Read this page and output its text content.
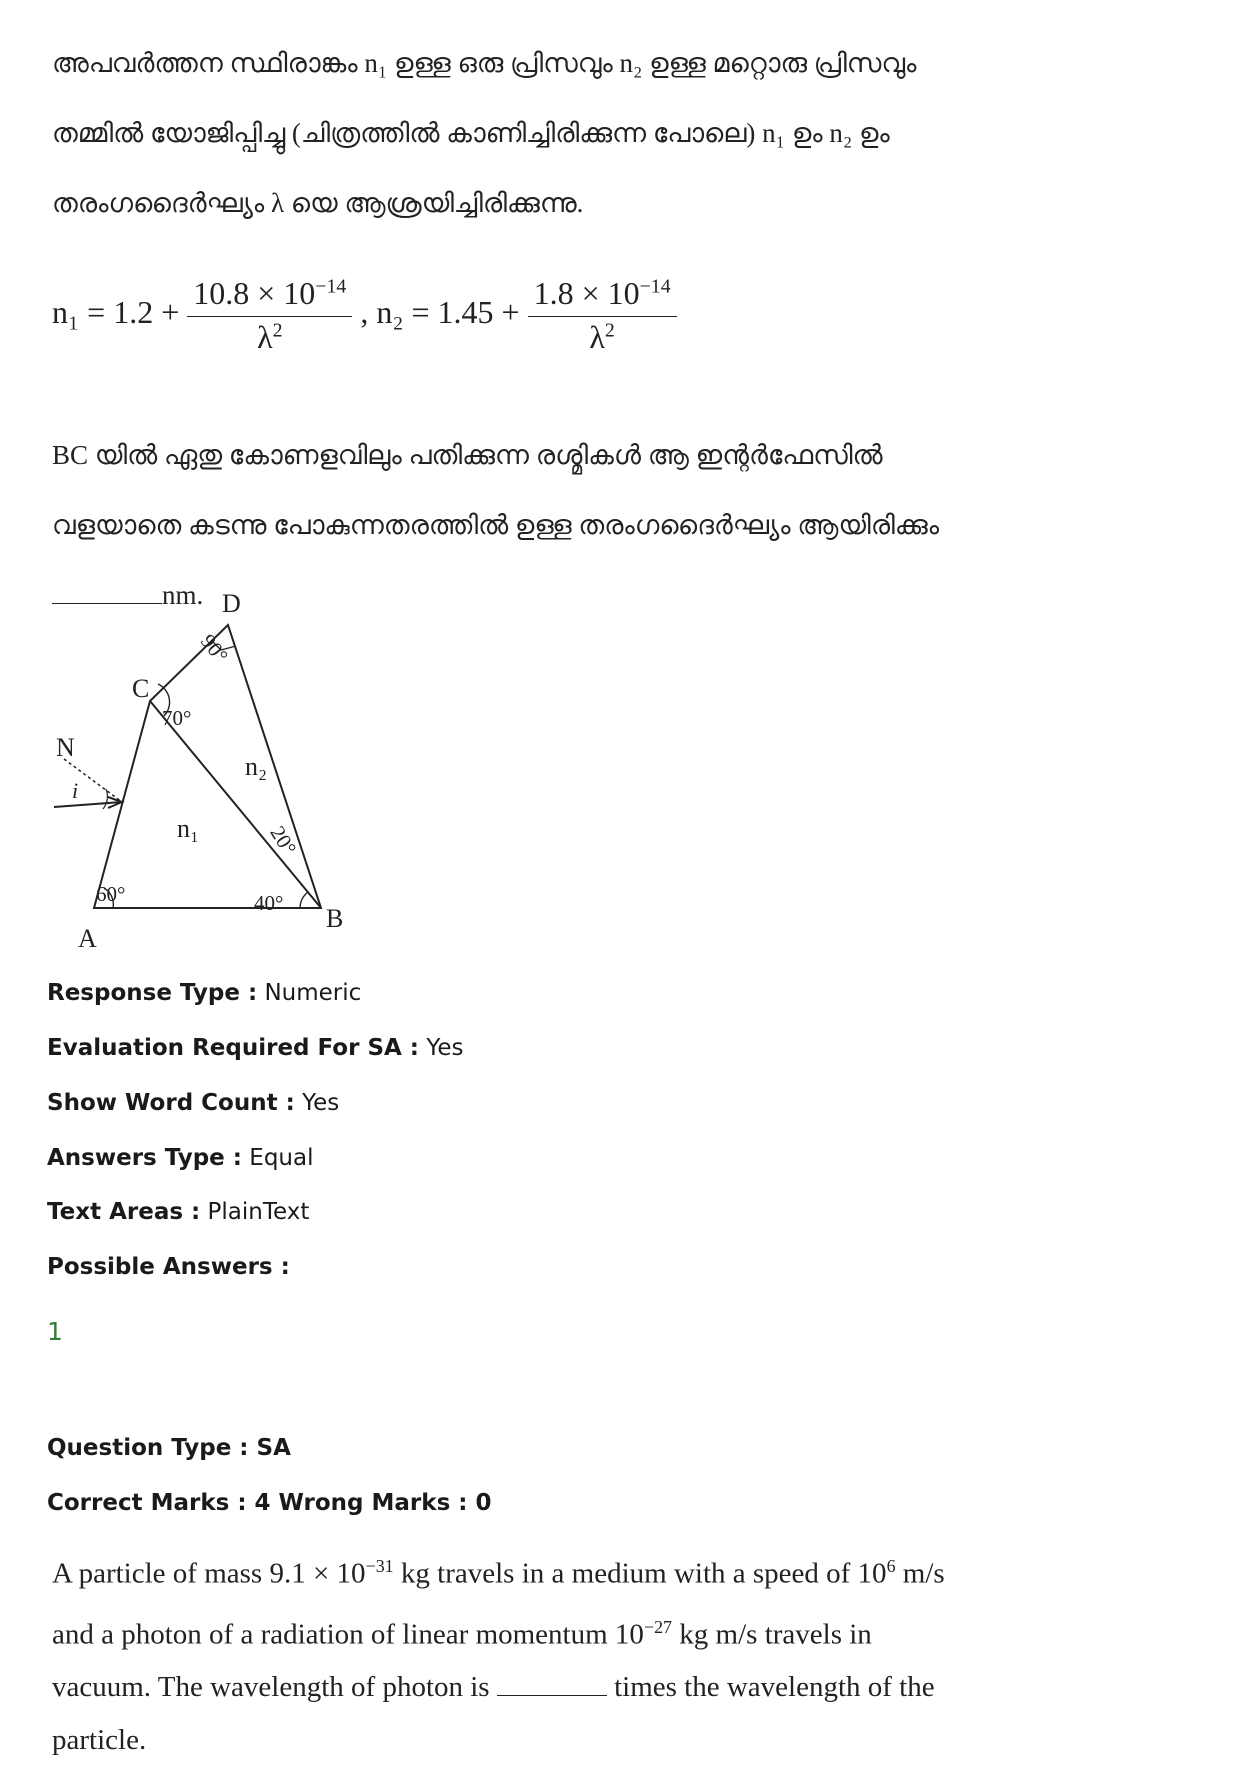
അപവർത്തന സ്ഥിരാങ്കം n₁ ഉള്ള ഒരു പ്രിസവും n₂ ഉള്ള മറ്റൊരു പ്രിസവും തമ്മിൽ യോജിപ്പിച്ചു (ചിത്രത്തിൽ കാണിച്ചിരിക്കുന്ന പോലെ) n₁ ഉം n₂ ഉം തരംഗദൈർഘ്യം λ യെ ആശ്രയിച്ചിരിക്കുന്നു.
$n_1 = 1.2 + \frac{10.8 \times 10^{-14}}{\lambda^2}$ , $n_2 = 1.45 + \frac{1.8 \times 10^{-14}}{\lambda^2}$
BC യിൽ ഏതു കോണളവിലും പതിക്കുന്ന രശ്മികൾ ആ ഇന്റർഫേസിൽ വളയാതെ കടന്നു പോകുന്നതരത്തിൽ ഉള്ള തരംഗദൈർഘ്യം ആയിരിക്കും nm.
A
B
C
D
N
i
60°	40°
20°
70°
90°
n₁
n₂
Response Type : Numeric
Evaluation Required For SA : Yes
Show Word Count : Yes
Answers Type : Equal
Text Areas : PlainText
Possible Answers :
1
Question Type : SA
Correct Marks : 4 Wrong Marks : 0
A particle of mass $9.1 \times 10^{-31}$ kg travels in a medium with a speed of $10^6$ m/s and a photon of a radiation of linear momentum $10^{-27}$ kg m/s travels in vacuum. The wavelength of photon is	times the wavelength of the particle.
